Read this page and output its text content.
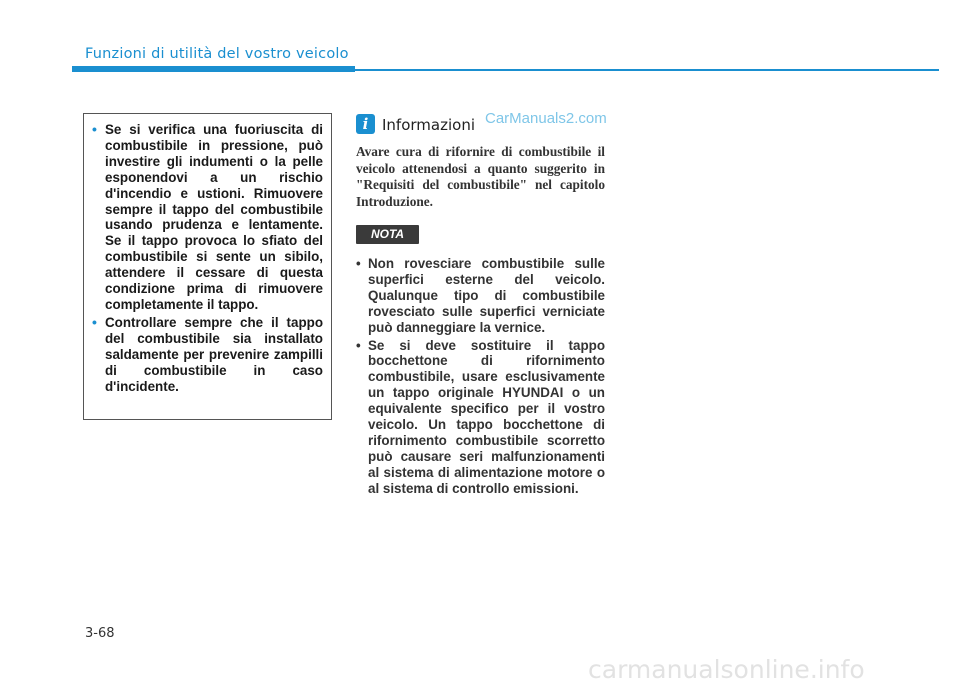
Funzioni di utilità del vostro veicolo
• Se si verifica una fuoriuscita di combustibile in pressione, può investire gli indumenti o la pelle esponendovi a un rischio d'incendio e ustioni. Rimuovere sempre il tappo del combustibile usando prudenza e lentamente. Se il tappo provoca lo sfiato del combustibile si sente un sibilo, attendere il cessare di questa condizione prima di rimuovere completamente il tappo.
• Controllare sempre che il tappo del combustibile sia installato saldamente per prevenire zampilli di combustibile in caso d'incidente.
i Informazioni CarManuals2.com
Avare cura di rifornire di combustibile il veicolo attenendosi a quanto suggerito in "Requisiti del combustibile" nel capitolo Introduzione.
NOTA
• Non rovesciare combustibile sulle superfici esterne del veicolo. Qualunque tipo di combustibile rovesciato sulle superfici verniciate può danneggiare la vernice.
• Se si deve sostituire il tappo bocchettone di rifornimento combustibile, usare esclusivamente un tappo originale HYUNDAI o un equivalente specifico per il vostro veicolo. Un tappo bocchettone di rifornimento combustibile scorretto può causare seri malfunzionamenti al sistema di alimentazione motore o al sistema di controllo emissioni.
3-68
carmanualsonline.info
